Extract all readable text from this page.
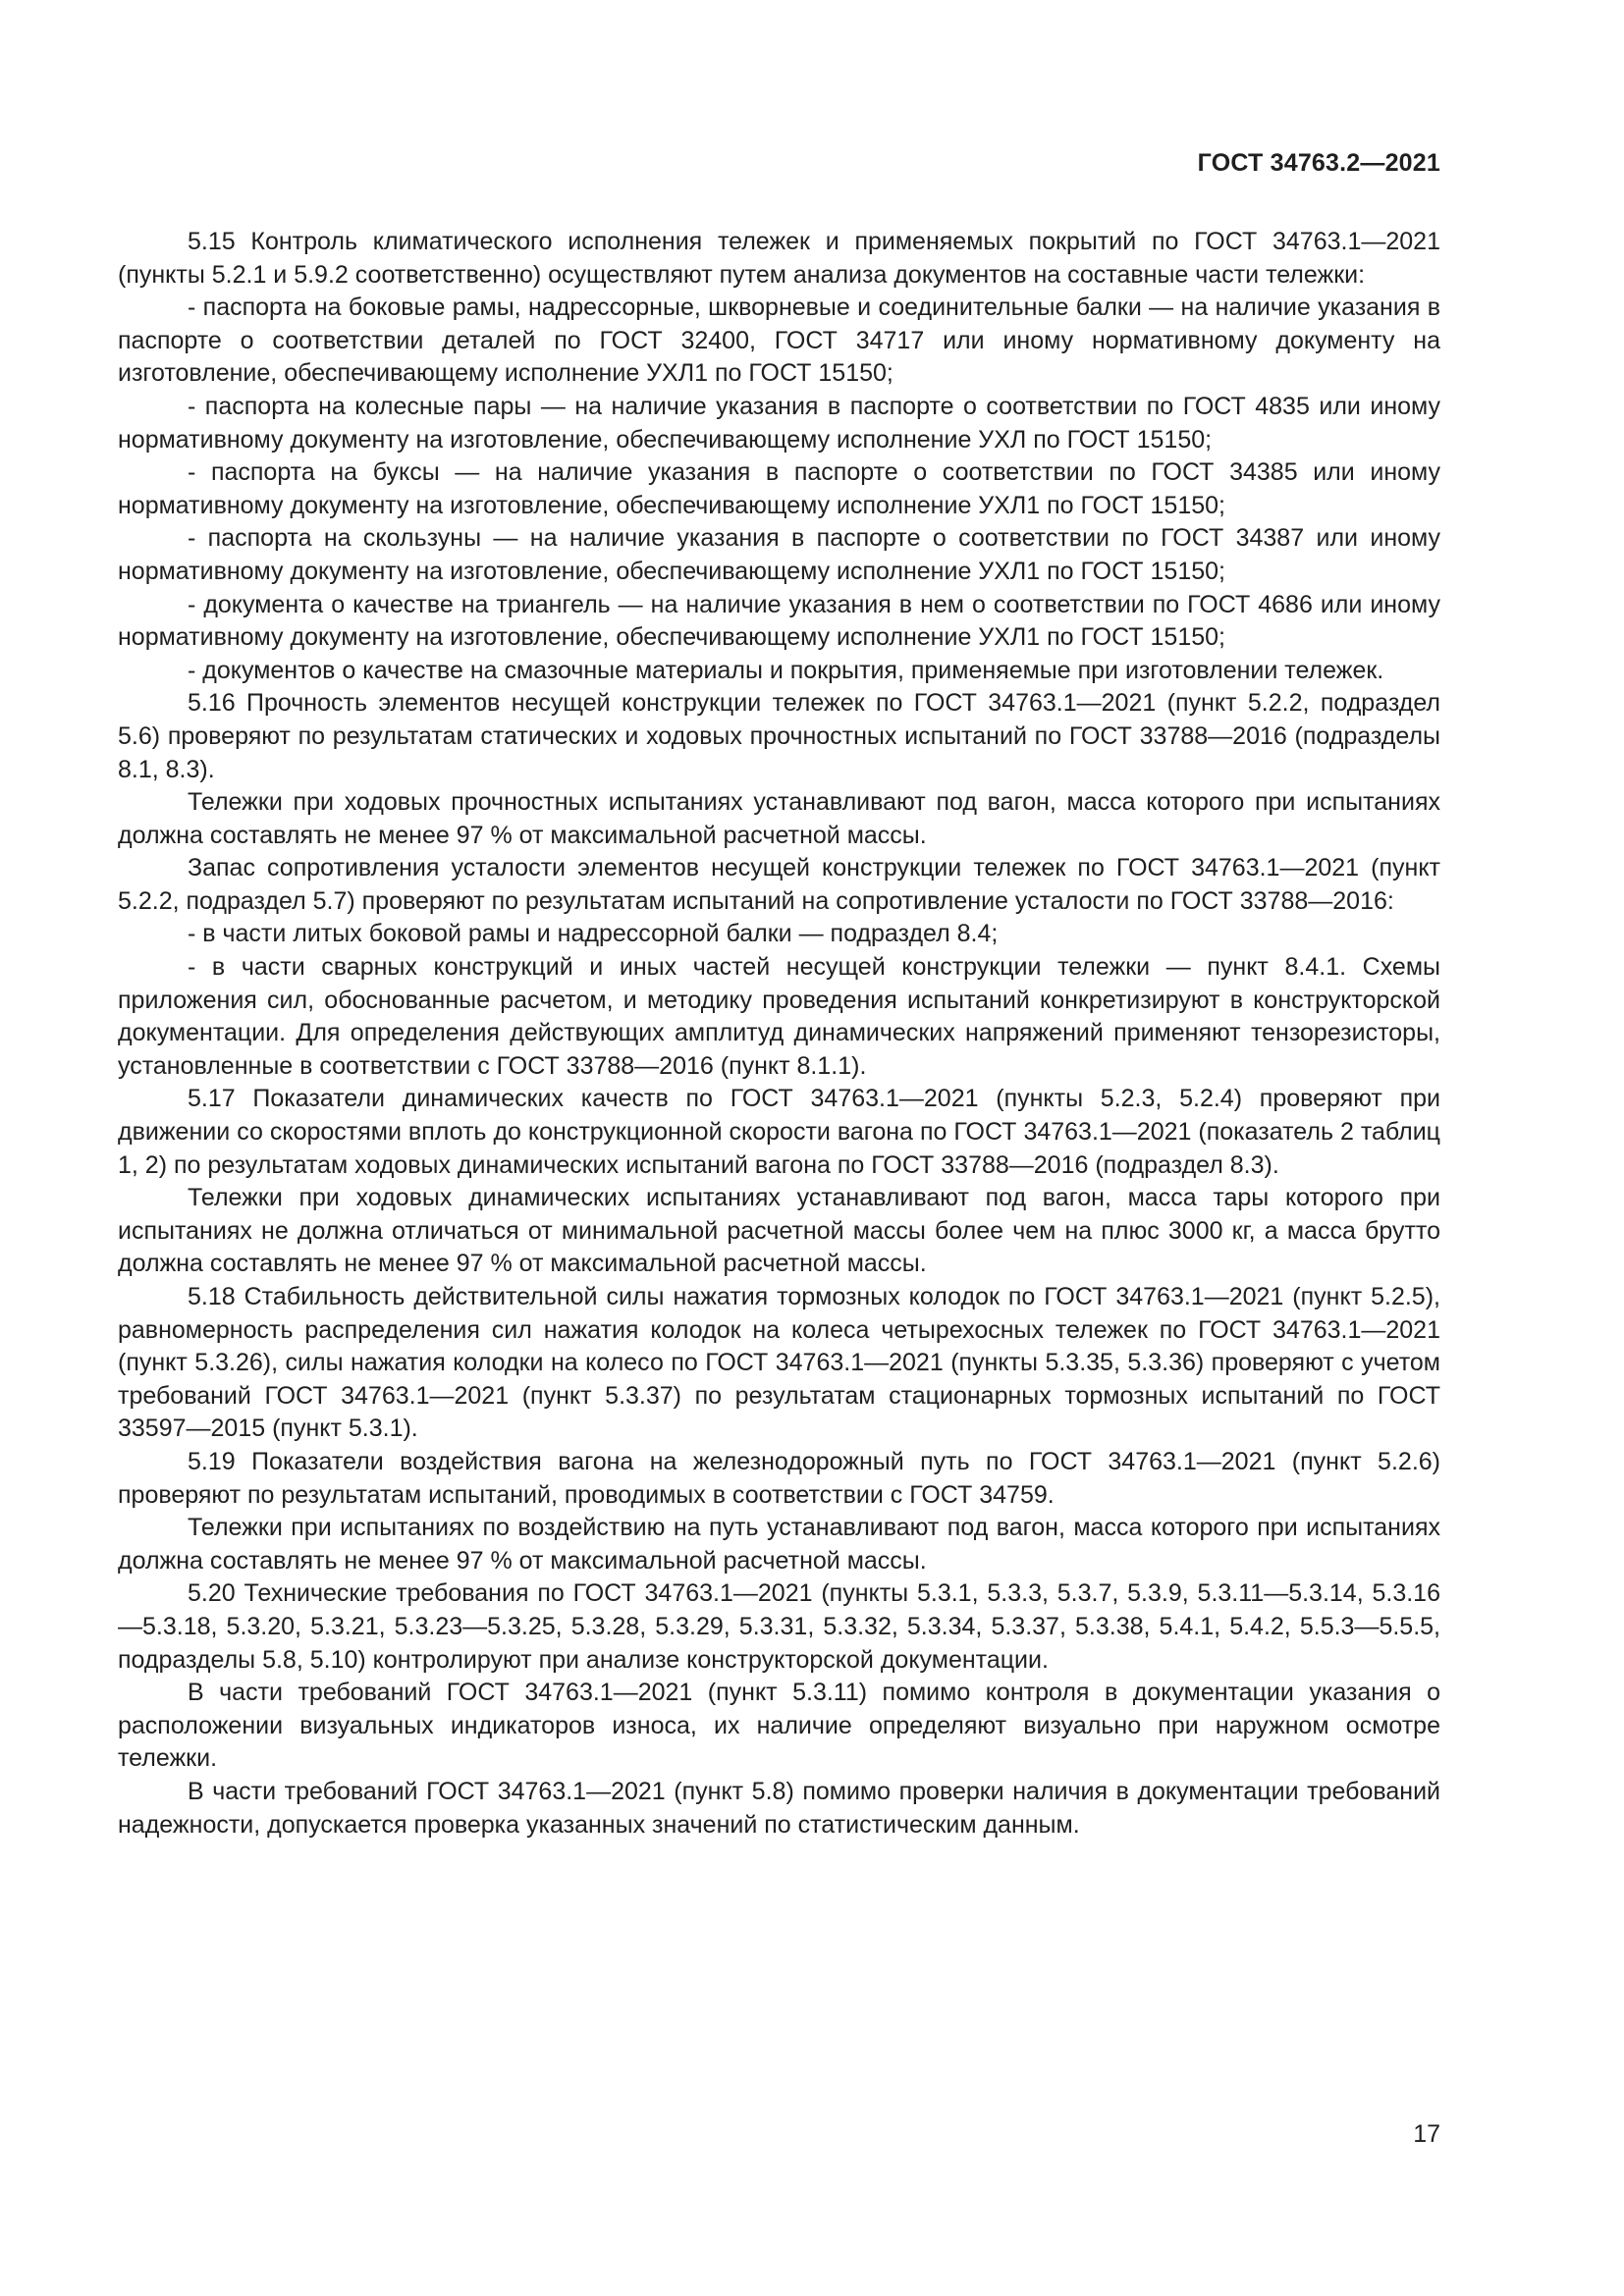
ГОСТ 34763.2—2021

5.15 Контроль климатического исполнения тележек и применяемых покрытий по ГОСТ 34763.1—2021 (пункты 5.2.1 и 5.9.2 соответственно) осуществляют путем анализа документов на составные части тележки:

- паспорта на боковые рамы, надрессорные, шкворневые и соединительные балки — на наличие указания в паспорте о соответствии деталей по ГОСТ 32400, ГОСТ 34717 или иному нормативному документу на изготовление, обеспечивающему исполнение УХЛ1 по ГОСТ 15150;

- паспорта на колесные пары — на наличие указания в паспорте о соответствии по ГОСТ 4835 или иному нормативному документу на изготовление, обеспечивающему исполнение УХЛ по ГОСТ 15150;

- паспорта на буксы — на наличие указания в паспорте о соответствии по ГОСТ 34385 или иному нормативному документу на изготовление, обеспечивающему исполнение УХЛ1 по ГОСТ 15150;

- паспорта на скользуны — на наличие указания в паспорте о соответствии по ГОСТ 34387 или иному нормативному документу на изготовление, обеспечивающему исполнение УХЛ1 по ГОСТ 15150;

- документа о качестве на триангель — на наличие указания в нем о соответствии по ГОСТ 4686 или иному нормативному документу на изготовление, обеспечивающему исполнение УХЛ1 по ГОСТ 15150;

- документов о качестве на смазочные материалы и покрытия, применяемые при изготовлении тележек.

5.16 Прочность элементов несущей конструкции тележек по ГОСТ 34763.1—2021 (пункт 5.2.2, подраздел 5.6) проверяют по результатам статических и ходовых прочностных испытаний по ГОСТ 33788—2016 (подразделы 8.1, 8.3).

Тележки при ходовых прочностных испытаниях устанавливают под вагон, масса которого при испытаниях должна составлять не менее 97 % от максимальной расчетной массы.

Запас сопротивления усталости элементов несущей конструкции тележек по ГОСТ 34763.1—2021 (пункт 5.2.2, подраздел 5.7) проверяют по результатам испытаний на сопротивление усталости по ГОСТ 33788—2016:

- в части литых боковой рамы и надрессорной балки — подраздел 8.4;

- в части сварных конструкций и иных частей несущей конструкции тележки — пункт 8.4.1. Схемы приложения сил, обоснованные расчетом, и методику проведения испытаний конкретизируют в конструкторской документации. Для определения действующих амплитуд динамических напряжений применяют тензорезисторы, установленные в соответствии с ГОСТ 33788—2016 (пункт 8.1.1).

5.17 Показатели динамических качеств по ГОСТ 34763.1—2021 (пункты 5.2.3, 5.2.4) проверяют при движении со скоростями вплоть до конструкционной скорости вагона по ГОСТ 34763.1—2021 (показатель 2 таблиц 1, 2) по результатам ходовых динамических испытаний вагона по ГОСТ 33788—2016 (подраздел 8.3).

Тележки при ходовых динамических испытаниях устанавливают под вагон, масса тары которого при испытаниях не должна отличаться от минимальной расчетной массы более чем на плюс 3000 кг, а масса брутто должна составлять не менее 97 % от максимальной расчетной массы.

5.18 Стабильность действительной силы нажатия тормозных колодок по ГОСТ 34763.1—2021 (пункт 5.2.5), равномерность распределения сил нажатия колодок на колеса четырехосных тележек по ГОСТ 34763.1—2021 (пункт 5.3.26), силы нажатия колодки на колесо по ГОСТ 34763.1—2021 (пункты 5.3.35, 5.3.36) проверяют с учетом требований ГОСТ 34763.1—2021 (пункт 5.3.37) по результатам стационарных тормозных испытаний по ГОСТ 33597—2015 (пункт 5.3.1).

5.19 Показатели воздействия вагона на железнодорожный путь по ГОСТ 34763.1—2021 (пункт 5.2.6) проверяют по результатам испытаний, проводимых в соответствии с ГОСТ 34759.

Тележки при испытаниях по воздействию на путь устанавливают под вагон, масса которого при испытаниях должна составлять не менее 97 % от максимальной расчетной массы.

5.20 Технические требования по ГОСТ 34763.1—2021 (пункты 5.3.1, 5.3.3, 5.3.7, 5.3.9, 5.3.11—5.3.14, 5.3.16—5.3.18, 5.3.20, 5.3.21, 5.3.23—5.3.25, 5.3.28, 5.3.29, 5.3.31, 5.3.32, 5.3.34, 5.3.37, 5.3.38, 5.4.1, 5.4.2, 5.5.3—5.5.5, подразделы 5.8, 5.10) контролируют при анализе конструкторской документации.

В части требований ГОСТ 34763.1—2021 (пункт 5.3.11) помимо контроля в документации указания о расположении визуальных индикаторов износа, их наличие определяют визуально при наружном осмотре тележки.

В части требований ГОСТ 34763.1—2021 (пункт 5.8) помимо проверки наличия в документации требований надежности, допускается проверка указанных значений по статистическим данным.

17
